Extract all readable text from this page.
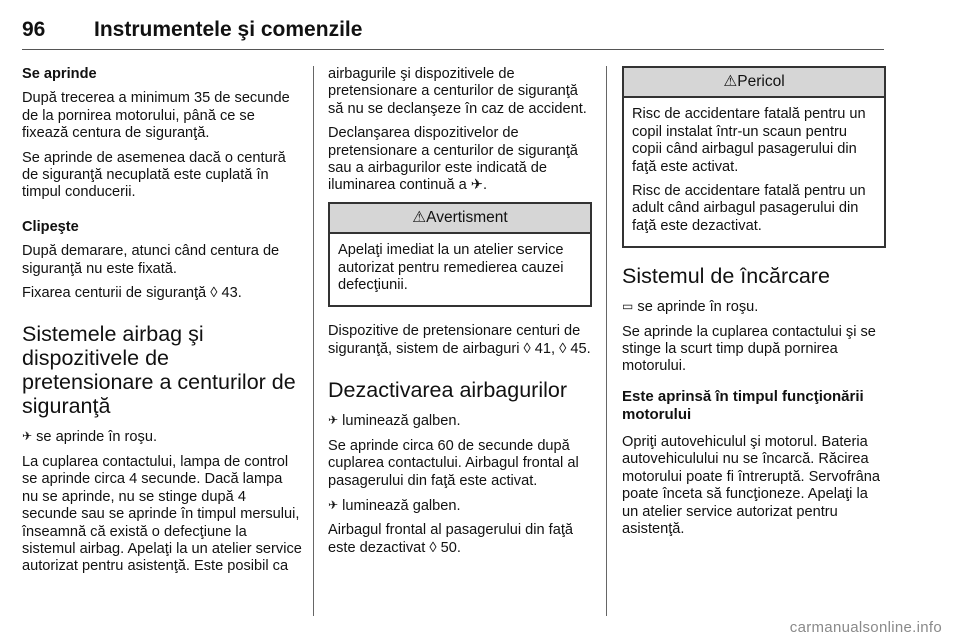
96 Instrumentele şi comenzile

Se aprinde

După trecerea a minimum 35 de secunde de la pornirea motorului, până ce se fixează centura de siguranţă.

Se aprinde de asemenea dacă o centură de siguranţă necuplată este cuplată în timpul conducerii.

Clipeşte

După demarare, atunci când centura de siguranţă nu este fixată.

Fixarea centurii de siguranţă ◊ 43.

Sistemele airbag şi dispozitivele de pretensionare a centurilor de siguranţă

✈ se aprinde în roşu.

La cuplarea contactului, lampa de control se aprinde circa 4 secunde. Dacă lampa nu se aprinde, nu se stinge după 4 secunde sau se aprinde în timpul mersului, înseamnă că există o defecţiune la sistemul airbag. Apelaţi la un atelier service autorizat pentru asistenţă. Este posibil ca

airbagurile şi dispozitivele de pretensionare a centurilor de siguranţă să nu se declanşeze în caz de accident.

Declanşarea dispozitivelor de pretensionare a centurilor de siguranţă sau a airbagurilor este indicată de iluminarea continuă a ✈.

⚠Avertisment

Apelaţi imediat la un atelier service autorizat pentru remedierea cauzei defecţiunii.

Dispozitive de pretensionare centuri de siguranţă, sistem de airbaguri ◊ 41, ◊ 45.

Dezactivarea airbagurilor

✈ luminează galben.

Se aprinde circa 60 de secunde după cuplarea contactului. Airbagul frontal al pasagerului din faţă este activat.

✈ luminează galben.

Airbagul frontal al pasagerului din faţă este dezactivat ◊ 50.

⚠Pericol

Risc de accidentare fatală pentru un copil instalat într-un scaun pentru copii când airbagul pasagerului din faţă este activat.

Risc de accidentare fatală pentru un adult când airbagul pasagerului din faţă este dezactivat.

Sistemul de încărcare

▭ se aprinde în roşu.

Se aprinde la cuplarea contactului şi se stinge la scurt timp după pornirea motorului.

Este aprinsă în timpul funcţionării motorului

Opriţi autovehiculul şi motorul. Bateria autovehiculului nu se încarcă. Răcirea motorului poate fi întreruptă. Servofrâna poate înceta să funcţioneze. Apelaţi la un atelier service autorizat pentru asistenţă.

carmanualsonline.info
